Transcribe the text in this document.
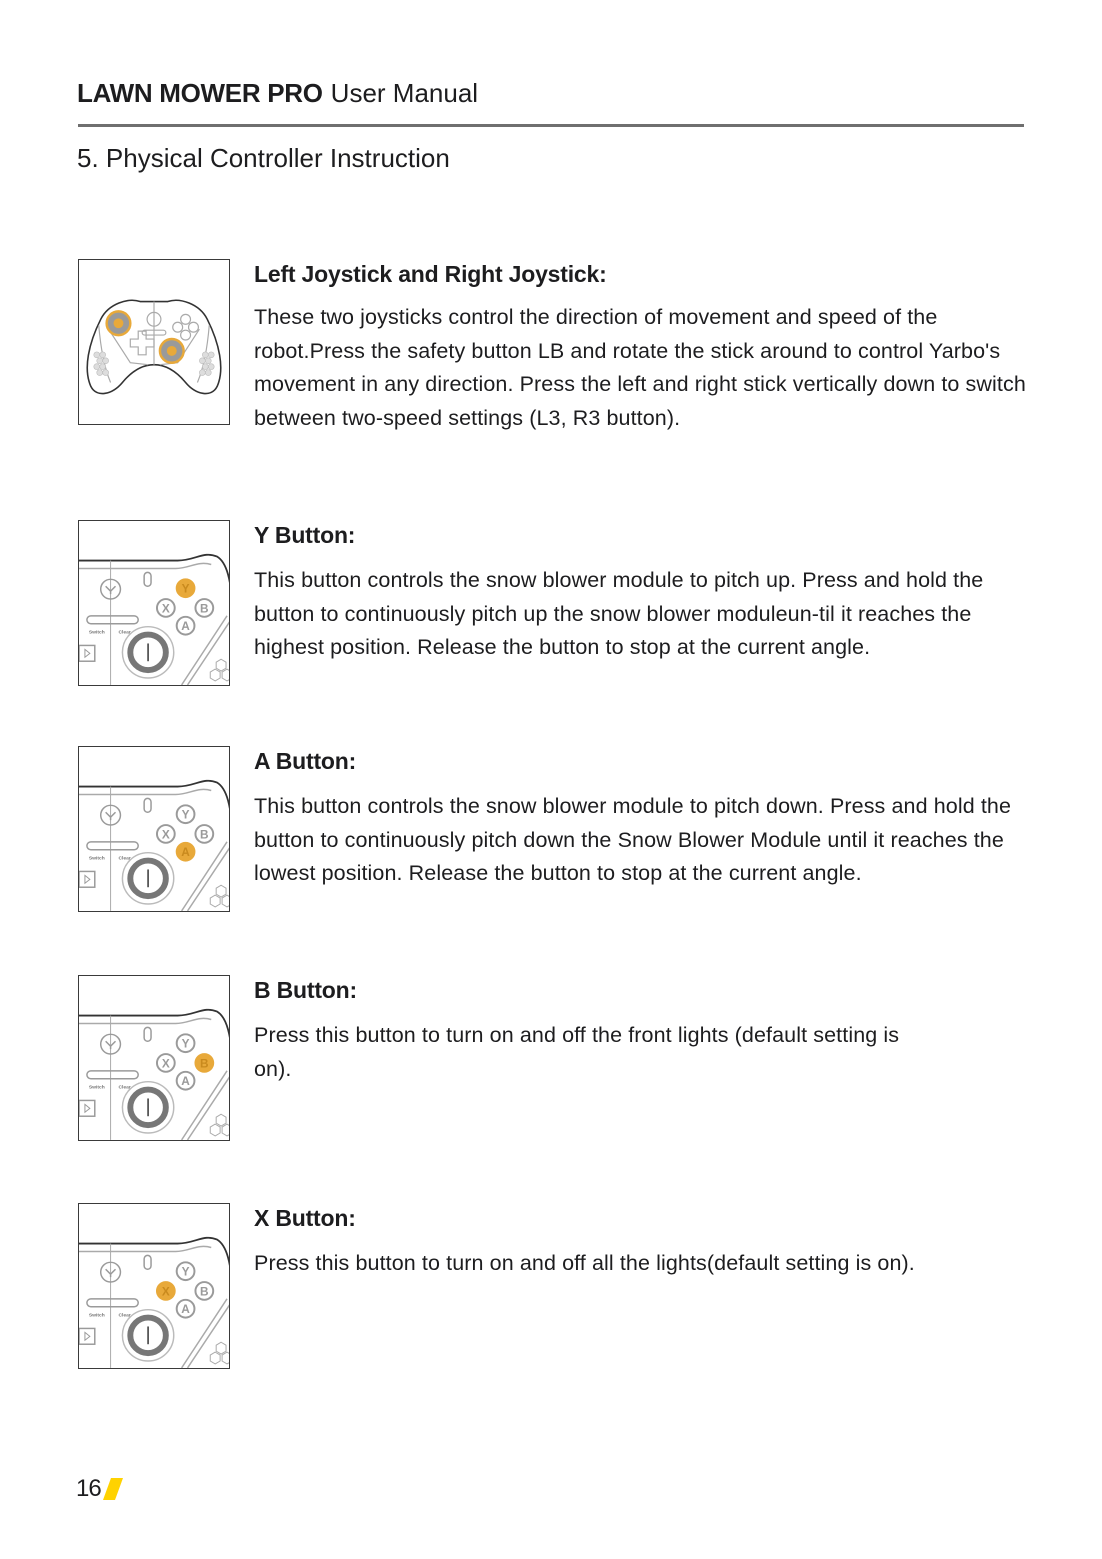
LAWN MOWER PRO User Manual
5. Physical Controller Instruction
Left Joystick and Right Joystick:

These two joysticks control the direction of movement and speed of the robot.Press the safety button LB and rotate the stick around to control Yarbo's movement in any direction. Press the left and right stick vertically down to switch between two-speed settings (L3, R3 button).

Switch	Clear
Y
X	B
A
Y Button:

This button controls the snow blower module to pitch up. Press and hold the button to continuously pitch up the snow blower moduleun-til it reaches the highest position. Release the button to stop at the current angle.

Switch	Clear
Y
X	B
A
A Button:

This button controls the snow blower module to pitch down. Press and hold the button to continuously pitch down the Snow Blower Module until it reaches the lowest position. Release the button to stop at the current angle.

Switch	Clear
Y
X	B
A
B Button:

Press this button to turn on and off the front lights (default setting is on).

Switch	Clear
Y
X	B
A
X Button:

Press this button to turn on and off all the lights(default setting is on).

16
